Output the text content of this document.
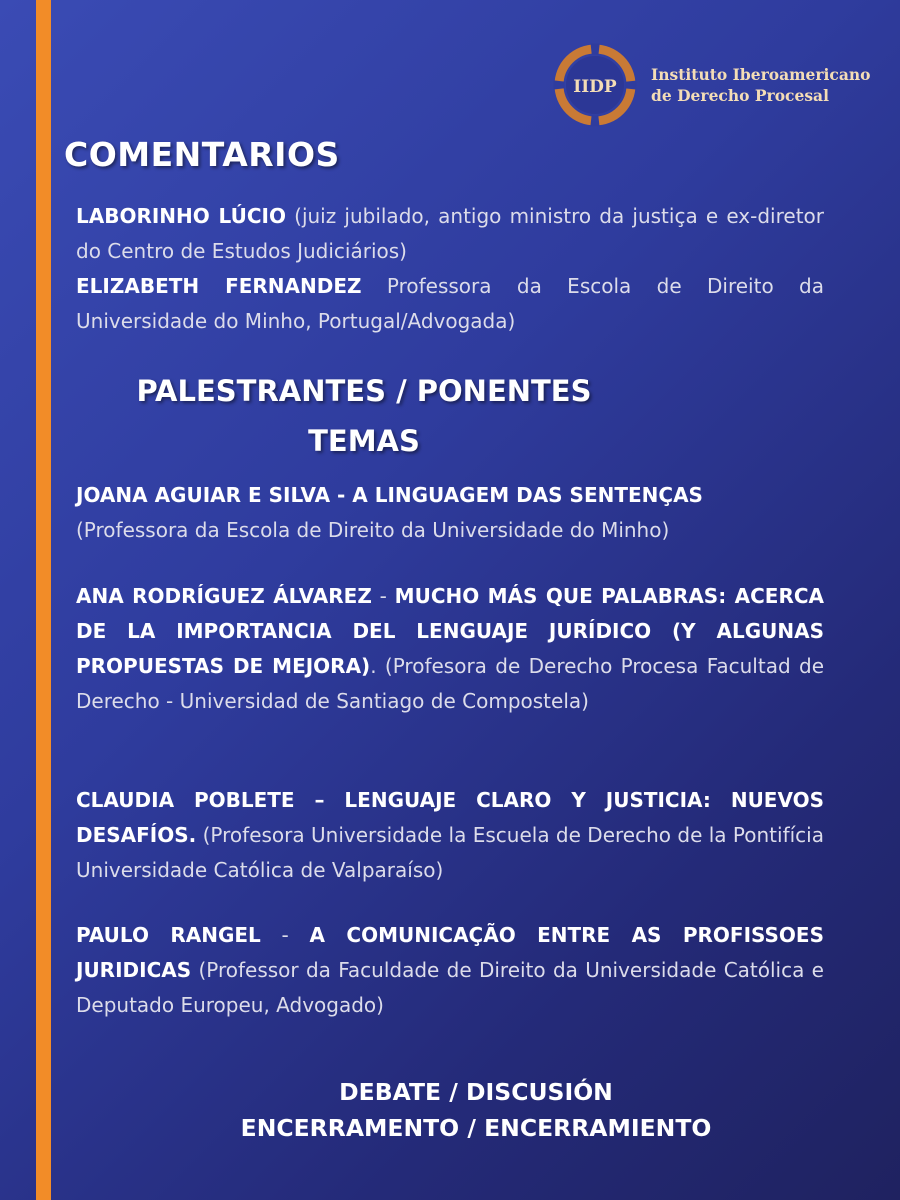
IIDP
Instituto Iberoamericano
de Derecho Procesal
COMENTARIOS

LABORINHO LÚCIO (juiz jubilado, antigo ministro da justiça e ex-diretor do Centro de Estudos Judiciários)

ELIZABETH FERNANDEZ Professora da Escola de Direito da Universidade do Minho, Portugal/Advogada)

PALESTRANTES / PONENTES
TEMAS

JOANA AGUIAR E SILVA - A LINGUAGEM DAS SENTENÇAS
(Professora da Escola de Direito da Universidade do Minho)

ANA RODRÍGUEZ ÁLVAREZ - MUCHO MÁS QUE PALABRAS: ACERCA DE LA IMPORTANCIA DEL LENGUAJE JURÍDICO (Y ALGUNAS PROPUESTAS DE MEJORA). (Profesora de Derecho Procesa Facultad de Derecho - Universidad de Santiago de Compostela)

CLAUDIA POBLETE – LENGUAJE CLARO Y JUSTICIA: NUEVOS DESAFÍOS. (Profesora Universidade la Escuela de Derecho de la Pontifícia Universidade Católica de Valparaíso)

PAULO RANGEL - A COMUNICAÇÃO ENTRE AS PROFISSOES JURIDICAS (Professor da Faculdade de Direito da Universidade Católica e Deputado Europeu, Advogado)

DEBATE / DISCUSIÓN
ENCERRAMENTO / ENCERRAMIENTO
